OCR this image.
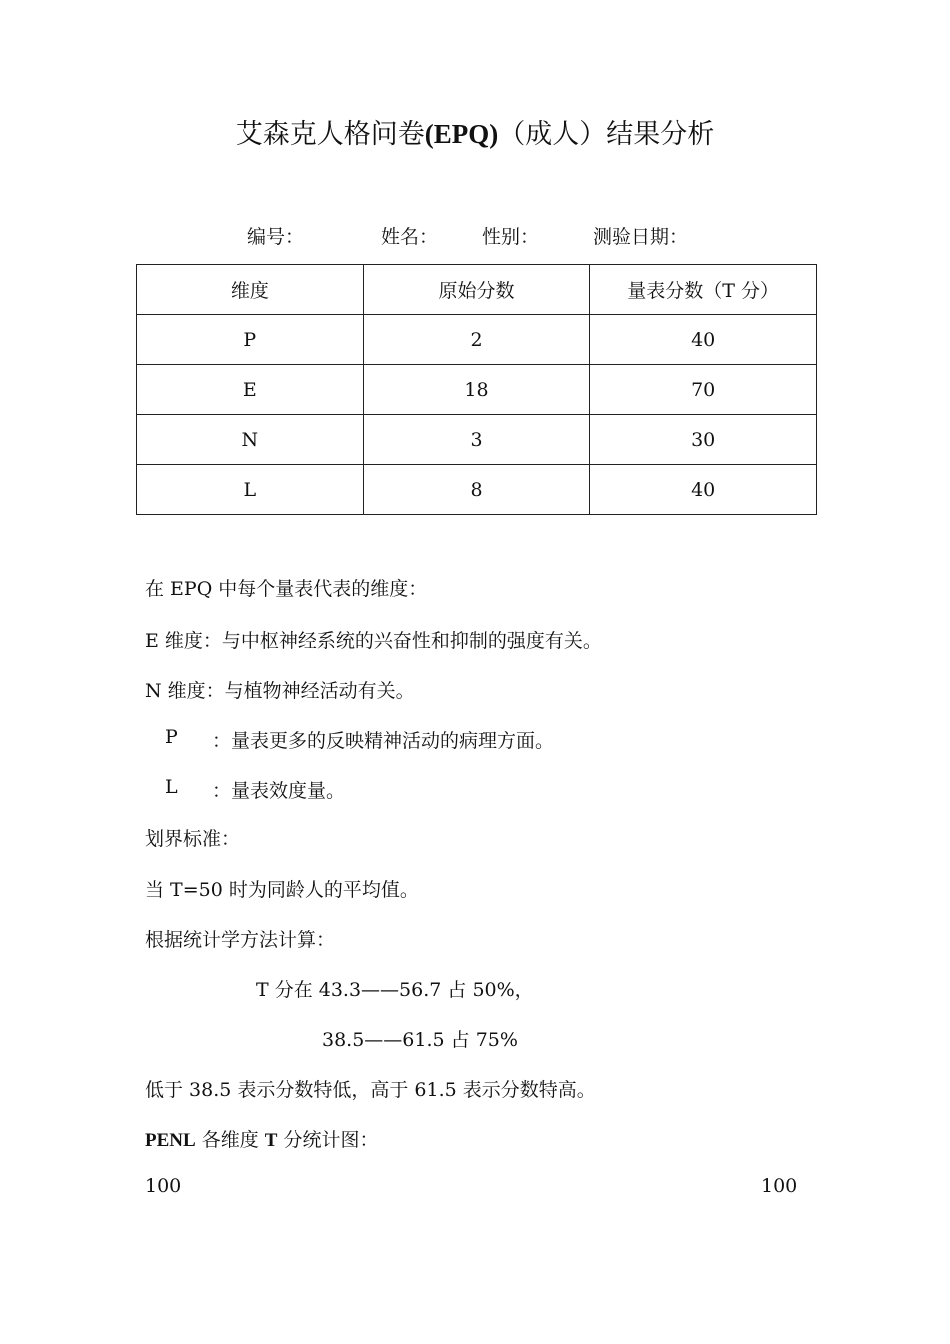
艾森克人格问卷(EPQ)（成人）结果分析
编号：	姓名： 性别：	测验日期：
维度	原始分数	量表分数（T 分）
P	2	40
E	18	70
N	3	30
L	8	40
在 EPQ 中每个量表代表的维度：
E 维度：与中枢神经系统的兴奋性和抑制的强度有关。
N 维度：与植物神经活动有关。
P ：量表更多的反映精神活动的病理方面。
L ：量表效度量。
划界标准：
当 T=50 时为同龄人的平均值。
根据统计学方法计算：
T 分在 43.3——56.7 占 50%，
38.5——61.5 占 75%
低于 38.5 表示分数特低，高于 61.5 表示分数特高。
PENL 各维度 T 分统计图：
100	100
